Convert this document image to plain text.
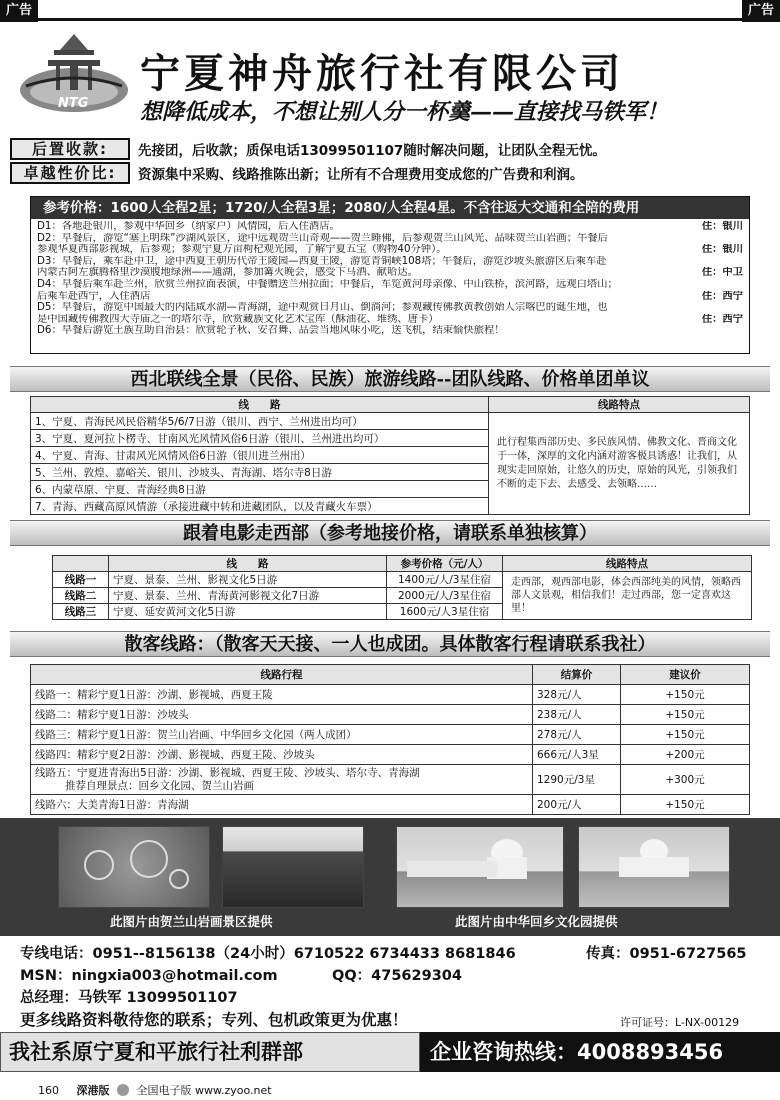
广告	广告
NTG
宁夏神舟旅行社有限公司
想降低成本，不想让别人分一杯羹——直接找马铁军！
后置收款:	先接团，后收款；质保电话13099501107随时解决问题，让团队全程无忧。
卓越性价比:	资源集中采购、线路推陈出新；让所有不合理费用变成您的广告费和利润。
参考价格：1600人全程2星；1720/人全程3星；2080/人全程4星。不含往返大交通和全陪的费用
D1：各地赴银川，参观中华回乡（纳家户）风情园，后入住酒店。	住：银川
D2：早餐后，游览“塞上明珠”沙湖风景区，途中远观贺兰山奇观——贺兰睡佛，后参观贺兰山风光、品味贺兰山岩画；午餐后
参观华夏西部影视城，后参观；参观宁夏万亩枸杞观光园，了解宁夏五宝（购物40分钟）。	住：银川
D3：早餐后，乘车赴中卫，途中西夏王朝历代帝王陵园—西夏王陵，游览青铜峡108塔；午餐后，游览沙坡头旅游区后乘车赴
内蒙古阿左旗腾格里沙漠腹地绿洲——通湖，参加篝火晚会，感受下马酒、献哈达。	住：中卫
D4：早餐后乘车赴兰州，欣赏兰州拉面表演，中餐赠送兰州拉面；中餐后，车览黄河母亲像、中山铁桥，滨河路，远观白塔山；
后乘车赴西宁，入住酒店	住：西宁
D5：早餐后，游览中国最大的内陆咸水湖—青海湖，途中观赏日月山、倒淌河；参观藏传佛教黄教创始人宗喀巴的诞生地，也
是中国藏传佛教四大寺庙之一的塔尔寺，欣赏藏族文化艺术宝库（酥油花、堆绣、唐卡）	住：西宁
D6：早餐后游览土族互助自治县：欣赏轮子秋、安召舞、品尝当地风味小吃，送飞机，结束愉快旅程！
西北联线全景（民俗、民族）旅游线路--团队线路、价格单团单议
线　　路	线路特点
1、宁夏、青海民风民俗精华5/6/7日游（银川、西宁、兰州进出均可）	此行程集西部历史、多民族风情、佛教文化、晋商文化于一体，深厚的文化内涵对游客极具诱惑！让我们，从现实走回原始，让悠久的历史，原始的风光，引领我们不断的走下去、去感受、去领略……
3、宁夏、夏河拉卜楞寺、甘南风光风情风俗6日游（银川、兰州进出均可）	
4、宁夏、青海、甘肃风光风情风俗6日游（银川进兰州出）	
5、兰州、敦煌、嘉峪关、银川、沙坡头、青海湖、塔尔寺8日游	
6、内蒙草原、宁夏、青海经典8日游	
7、青海、西藏高原风情游（承接进藏中转和进藏团队，以及青藏火车票）	
跟着电影走西部（参考地接价格，请联系单独核算）
	线　　路	参考价格（元/人）	线路特点
线路一	宁夏、景泰、兰州、影视文化5日游	1400元/人/3星住宿	走西部，观西部电影，体会西部纯美的风情，领略西部人文景观，相信我们！走过西部，您一定喜欢这里！
线路二	宁夏、景泰、兰州、青海黄河影视文化7日游	2000元/人/3星住宿	
线路三	宁夏、延安黄河文化5日游	1600元/人3星住宿	
散客线路：（散客天天接、一人也成团。具体散客行程请联系我社）
线路行程	结算价	建议价
线路一：精彩宁夏1日游：沙湖、影视城、西夏王陵	328元/人	+150元
线路二：精彩宁夏1日游：沙坡头	238元/人	+150元
线路三：精彩宁夏1日游：贺兰山岩画、中华回乡文化园（两人成团）	278元/人	+150元
线路四：精彩宁夏2日游：沙湖、影视城、西夏王陵、沙坡头	666元/人3星	+200元

线路五：宁夏进青海出5日游：沙湖、影视城、西夏王陵、沙坡头、塔尔寺、青海湖
推荐自理景点：回乡文化园、贺兰山岩画	1290元/3星	+300元
线路六：大美青海1日游：青海湖	200元/人	+150元
此图片由贺兰山岩画景区提供	此图片由中华回乡文化园提供
专线电话：0951--8156138（24小时）6710522 6734433 8681846	传真：0951-6727565
MSN：ningxia003@hotmail.com	QQ：475629304
总经理：马铁军 13099501107
更多线路资料敬待您的联系；专列、包机政策更为优惠！	许可证号：L-NX-00129
我社系原宁夏和平旅行社利群部	企业咨询热线：4008893456
160 深港版 全国电子版 www.zyoo.net
